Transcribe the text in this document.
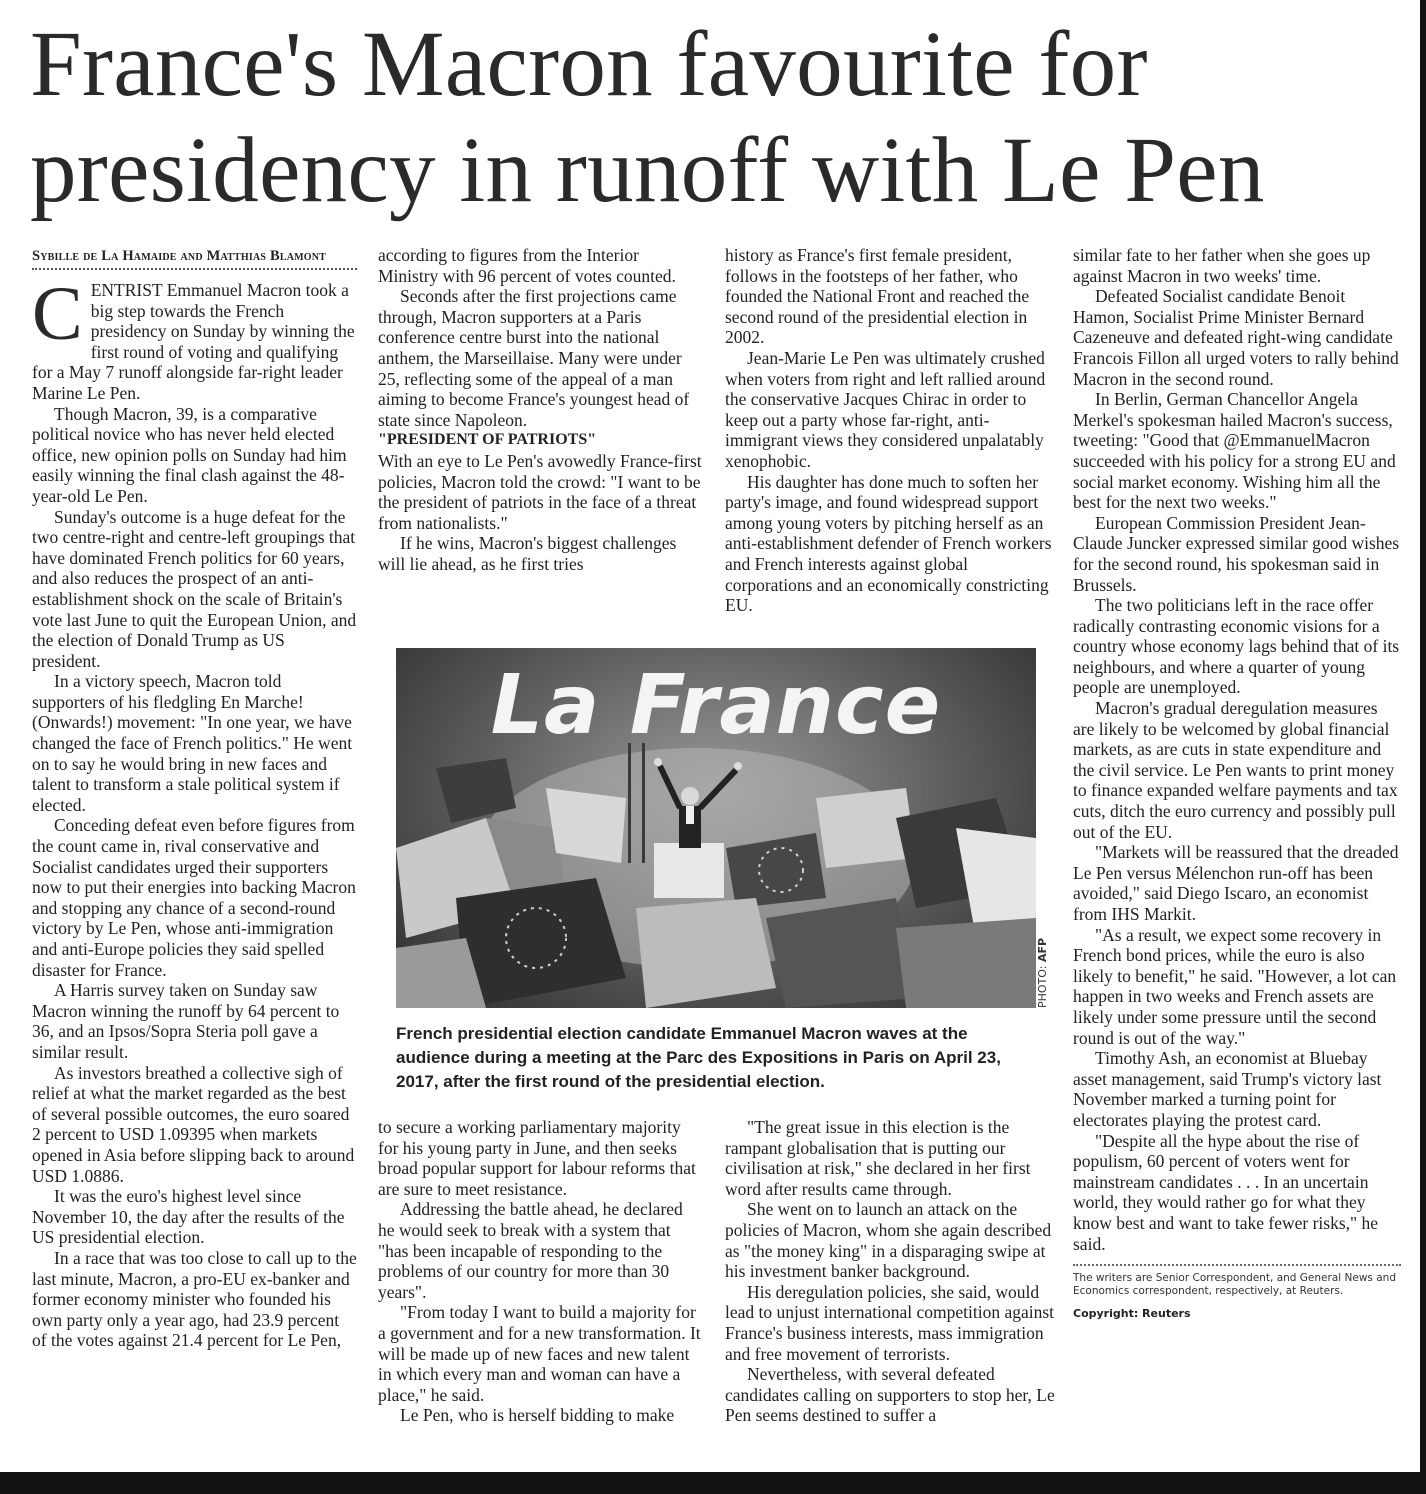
France's Macron favourite for presidency in runoff with Le Pen
Sybille de La Hamaide and Matthias Blamont

CENTRIST Emmanuel Macron took a big step towards the French presidency on Sunday by winning the first round of voting and qualifying for a May 7 runoff alongside far-right leader Marine Le Pen.

Though Macron, 39, is a comparative political novice who has never held elected office, new opinion polls on Sunday had him easily winning the final clash against the 48-year-old Le Pen.

Sunday's outcome is a huge defeat for the two centre-right and centre-left groupings that have dominated French politics for 60 years, and also reduces the prospect of an anti-establishment shock on the scale of Britain's vote last June to quit the European Union, and the election of Donald Trump as US president.

In a victory speech, Macron told supporters of his fledgling En Marche! (Onwards!) movement: "In one year, we have changed the face of French politics." He went on to say he would bring in new faces and talent to transform a stale political system if elected.

Conceding defeat even before figures from the count came in, rival conservative and Socialist candidates urged their supporters now to put their energies into backing Macron and stopping any chance of a second-round victory by Le Pen, whose anti-immigration and anti-Europe policies they said spelled disaster for France.

A Harris survey taken on Sunday saw Macron winning the runoff by 64 percent to 36, and an Ipsos/Sopra Steria poll gave a similar result.

As investors breathed a collective sigh of relief at what the market regarded as the best of several possible outcomes, the euro soared 2 percent to USD 1.09395 when markets opened in Asia before slipping back to around USD 1.0886.

It was the euro's highest level since November 10, the day after the results of the US presidential election.

In a race that was too close to call up to the last minute, Macron, a pro-EU ex-banker and former economy minister who founded his own party only a year ago, had 23.9 percent of the votes against 21.4 percent for Le Pen,

according to figures from the Interior Ministry with 96 percent of votes counted.

Seconds after the first projections came through, Macron supporters at a Paris conference centre burst into the national anthem, the Marseillaise. Many were under 25, reflecting some of the appeal of a man aiming to become France's youngest head of state since Napoleon.

"PRESIDENT OF PATRIOTS"

With an eye to Le Pen's avowedly France-first policies, Macron told the crowd: "I want to be the president of patriots in the face of a threat from nationalists."

If he wins, Macron's biggest challenges will lie ahead, as he first tries

history as France's first female president, follows in the footsteps of her father, who founded the National Front and reached the second round of the presidential election in 2002.

Jean-Marie Le Pen was ultimately crushed when voters from right and left rallied around the conservative Jacques Chirac in order to keep out a party whose far-right, anti-immigrant views they considered unpalatably xenophobic.

His daughter has done much to soften her party's image, and found widespread support among young voters by pitching herself as an anti-establishment defender of French workers and French interests against global corporations and an economically constricting EU.

La France
PHOTO: AFP
French presidential election candidate Emmanuel Macron waves at the audience during a meeting at the Parc des Expositions in Paris on April 23, 2017, after the first round of the presidential election.

to secure a working parliamentary majority for his young party in June, and then seeks broad popular support for labour reforms that are sure to meet resistance.

Addressing the battle ahead, he declared he would seek to break with a system that "has been incapable of responding to the problems of our country for more than 30 years".

"From today I want to build a majority for a government and for a new transformation. It will be made up of new faces and new talent in which every man and woman can have a place," he said.

Le Pen, who is herself bidding to make

"The great issue in this election is the rampant globalisation that is putting our civilisation at risk," she declared in her first word after results came through.

She went on to launch an attack on the policies of Macron, whom she again described as "the money king" in a disparaging swipe at his investment banker background.

His deregulation policies, she said, would lead to unjust international competition against France's business interests, mass immigration and free movement of terrorists.

Nevertheless, with several defeated candidates calling on supporters to stop her, Le Pen seems destined to suffer a

similar fate to her father when she goes up against Macron in two weeks' time.

Defeated Socialist candidate Benoit Hamon, Socialist Prime Minister Bernard Cazeneuve and defeated right-wing candidate Francois Fillon all urged voters to rally behind Macron in the second round.

In Berlin, German Chancellor Angela Merkel's spokesman hailed Macron's success, tweeting: "Good that @EmmanuelMacron succeeded with his policy for a strong EU and social market economy. Wishing him all the best for the next two weeks."

European Commission President Jean-Claude Juncker expressed similar good wishes for the second round, his spokesman said in Brussels.

The two politicians left in the race offer radically contrasting economic visions for a country whose economy lags behind that of its neighbours, and where a quarter of young people are unemployed.

Macron's gradual deregulation measures are likely to be welcomed by global financial markets, as are cuts in state expenditure and the civil service. Le Pen wants to print money to finance expanded welfare payments and tax cuts, ditch the euro currency and possibly pull out of the EU.

"Markets will be reassured that the dreaded Le Pen versus Mélenchon run-off has been avoided," said Diego Iscaro, an economist from IHS Markit.

"As a result, we expect some recovery in French bond prices, while the euro is also likely to benefit," he said. "However, a lot can happen in two weeks and French assets are likely under some pressure until the second round is out of the way."

Timothy Ash, an economist at Bluebay asset management, said Trump's victory last November marked a turning point for electorates playing the protest card.

"Despite all the hype about the rise of populism, 60 percent of voters went for mainstream candidates . . . In an uncertain world, they would rather go for what they know best and want to take fewer risks," he said.

The writers are Senior Correspondent, and General News and Economics correspondent, respectively, at Reuters.

Copyright: Reuters
